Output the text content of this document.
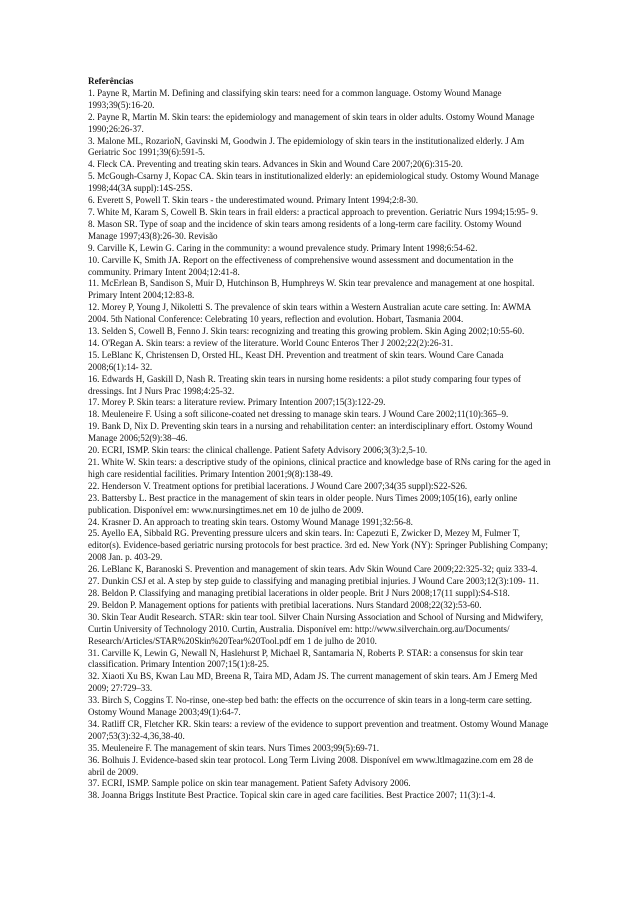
Referências
1. Payne R, Martin M. Defining and classifying skin tears: need for a common language. Ostomy Wound Manage 1993;39(5):16-20.
2. Payne R, Martin M. Skin tears: the epidemiology and management of skin tears in older adults. Ostomy Wound Manage 1990;26:26-37.
3. Malone ML, RozarioN, Gavinski M, Goodwin J. The epidemiology of skin tears in the institutionalized elderly. J Am Geriatric Soc 1991;39(6):591-5.
4. Fleck CA. Preventing and treating skin tears. Advances in Skin and Wound Care 2007;20(6):315-20.
5. McGough-Csarny J, Kopac CA. Skin tears in institutionalized elderly: an epidemiological study. Ostomy Wound Manage 1998;44(3A suppl):14S-25S.
6. Everett S, Powell T. Skin tears - the underestimated wound. Primary Intent 1994;2:8-30.
7. White M, Karam S, Cowell B. Skin tears in frail elders: a practical approach to prevention. Geriatric Nurs 1994;15:95- 9.
8. Mason SR. Type of soap and the incidence of skin tears among residents of a long-term care facility. Ostomy Wound Manage 1997;43(8):26-30. Revisão
9. Carville K, Lewin G. Caring in the community: a wound prevalence study. Primary Intent 1998;6:54-62.
10. Carville K, Smith JA. Report on the effectiveness of comprehensive wound assessment and documentation in the community. Primary Intent 2004;12:41-8.
11. McErlean B, Sandison S, Muir D, Hutchinson B, Humphreys W. Skin tear prevalence and management at one hospital. Primary Intent 2004;12:83-8.
12. Morey P, Young J, Nikoletti S. The prevalence of skin tears within a Western Australian acute care setting. In: AWMA 2004. 5th National Conference: Celebrating 10 years, reflection and evolution. Hobart, Tasmania 2004.
13. Selden S, Cowell B, Fenno J. Skin tears: recognizing and treating this growing problem. Skin Aging 2002;10:55-60.
14. O'Regan A. Skin tears: a review of the literature. World Counc Enteros Ther J 2002;22(2):26-31.
15. LeBlanc K, Christensen D, Orsted HL, Keast DH. Prevention and treatment of skin tears. Wound Care Canada 2008;6(1):14- 32.
16. Edwards H, Gaskill D, Nash R. Treating skin tears in nursing home residents: a pilot study comparing four types of dressings. Int J Nurs Prac 1998;4:25-32.
17. Morey P. Skin tears: a literature review. Primary Intention 2007;15(3):122-29.
18. Meuleneire F. Using a soft silicone-coated net dressing to manage skin tears. J Wound Care 2002;11(10):365–9.
19. Bank D, Nix D. Preventing skin tears in a nursing and rehabilitation center: an interdisciplinary effort. Ostomy Wound Manage 2006;52(9):38–46.
20. ECRI, ISMP. Skin tears: the clinical challenge. Patient Safety Advisory 2006;3(3):2,5-10.
21. White W. Skin tears: a descriptive study of the opinions, clinical practice and knowledge base of RNs caring for the aged in high care residential facilities. Primary Intention 2001;9(8):138-49.
22. Henderson V. Treatment options for pretibial lacerations. J Wound Care 2007;34(35 suppl):S22-S26.
23. Battersby L. Best practice in the management of skin tears in older people. Nurs Times 2009;105(16), early online publication. Disponível em: www.nursingtimes.net em 10 de julho de 2009.
24. Krasner D. An approach to treating skin tears. Ostomy Wound Manage 1991;32:56-8.
25. Ayello EA, Sibbald RG. Preventing pressure ulcers and skin tears. In: Capezuti E, Zwicker D, Mezey M, Fulmer T, editor(s). Evidence-based geriatric nursing protocols for best practice. 3rd ed. New York (NY): Springer Publishing Company; 2008 Jan. p. 403-29.
26. LeBlanc K, Baranoski S. Prevention and management of skin tears. Adv Skin Wound Care 2009;22:325-32; quiz 333-4.
27. Dunkin CSJ et al. A step by step guide to classifying and managing pretibial injuries. J Wound Care 2003;12(3):109- 11.
28. Beldon P. Classifying and managing pretibial lacerations in older people. Brit J Nurs 2008;17(11 suppl):S4-S18.
29. Beldon P. Management options for patients with pretibial lacerations. Nurs Standard 2008;22(32):53-60.
30. Skin Tear Audit Research. STAR: skin tear tool. Silver Chain Nursing Association and School of Nursing and Midwifery, Curtin University of Technology 2010. Curtin, Australia. Disponível em: http://www.silverchain.org.au/Documents/ Research/Articles/STAR%20Skin%20Tear%20Tool.pdf em 1 de julho de 2010.
31. Carville K, Lewin G, Newall N, Haslehurst P, Michael R, Santamaria N, Roberts P. STAR: a consensus for skin tear classification. Primary Intention 2007;15(1):8-25.
32. Xiaoti Xu BS, Kwan Lau MD, Breena R, Taira MD, Adam JS. The current management of skin tears. Am J Emerg Med 2009; 27:729–33.
33. Birch S, Coggins T. No-rinse, one-step bed bath: the effects on the occurrence of skin tears in a long-term care setting. Ostomy Wound Manage 2003;49(1):64-7.
34. Ratliff CR, Fletcher KR. Skin tears: a review of the evidence to support prevention and treatment. Ostomy Wound Manage 2007;53(3):32-4,36,38-40.
35. Meuleneire F. The management of skin tears. Nurs Times 2003;99(5):69-71.
36. Bolhuis J. Evidence-based skin tear protocol. Long Term Living 2008. Disponível em www.ltlmagazine.com em 28 de abril de 2009.
37. ECRI, ISMP. Sample police on skin tear management. Patient Safety Advisory 2006.
38. Joanna Briggs Institute Best Practice. Topical skin care in aged care facilities. Best Practice 2007; 11(3):1-4.
